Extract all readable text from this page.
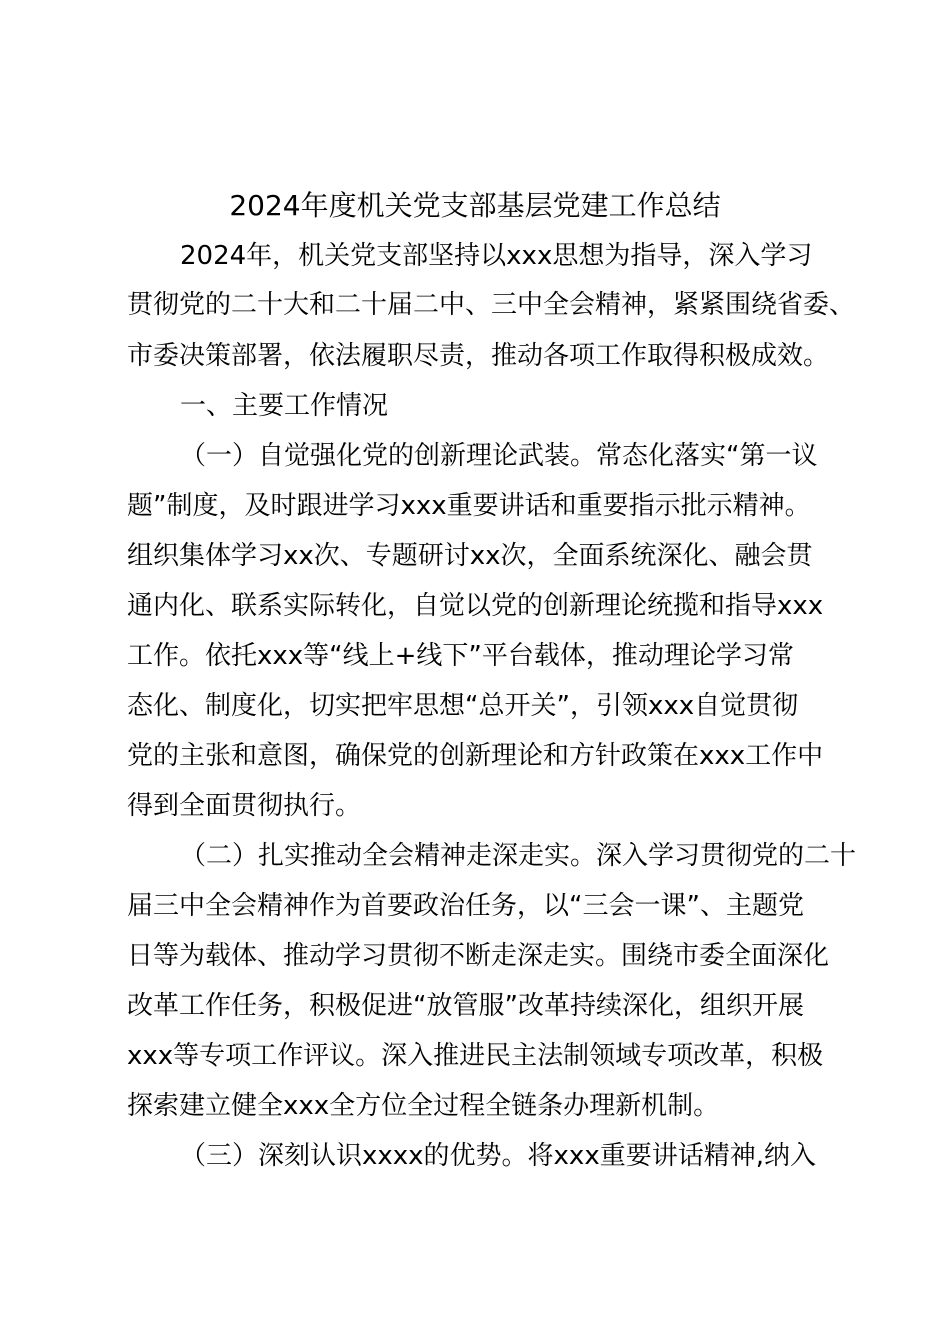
2024年度机关党支部基层党建工作总结
2024年，机关党支部坚持以xxx思想为指导，深入学习
贯彻党的二十大和二十届二中、三中全会精神，紧紧围绕省委、
市委决策部署，依法履职尽责，推动各项工作取得积极成效。
一、主要工作情况
（一）自觉强化党的创新理论武装。常态化落实“第一议
题”制度，及时跟进学习xxx重要讲话和重要指示批示精神。
组织集体学习xx次、专题研讨xx次，全面系统深化、融会贯
通内化、联系实际转化，自觉以党的创新理论统揽和指导xxx
工作。依托xxx等“线上+线下”平台载体，推动理论学习常
态化、制度化，切实把牢思想“总开关”，引领xxx自觉贯彻
党的主张和意图，确保党的创新理论和方针政策在xxx工作中
得到全面贯彻执行。
（二）扎实推动全会精神走深走实。深入学习贯彻党的二十
届三中全会精神作为首要政治任务，以“三会一课”、主题党
日等为载体、推动学习贯彻不断走深走实。围绕市委全面深化
改革工作任务，积极促进“放管服”改革持续深化，组织开展
xxx等专项工作评议。深入推进民主法制领域专项改革，积极
探索建立健全xxx全方位全过程全链条办理新机制。
（三）深刻认识xxxx的优势。将xxx重要讲话精神,纳入
